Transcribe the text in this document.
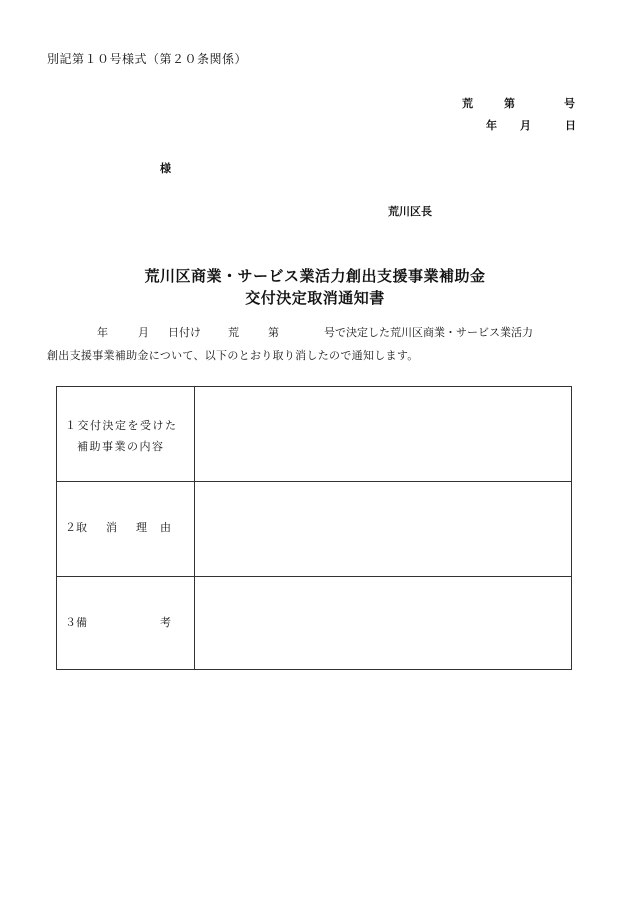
別記第１０号様式（第２０条関係）
荒	第	号
年 月	日
様
荒川区長
荒川区商業・サービス業活力創出支援事業補助金
交付決定取消通知書
年	月 日付け 荒	第	号で決定した荒川区商業・サービス業活力
創出支援事業補助金について、以下のとおり取り消したので通知します。
１交付決定を受けた
補助事業の内容
２取 消 理 由
３備	考
